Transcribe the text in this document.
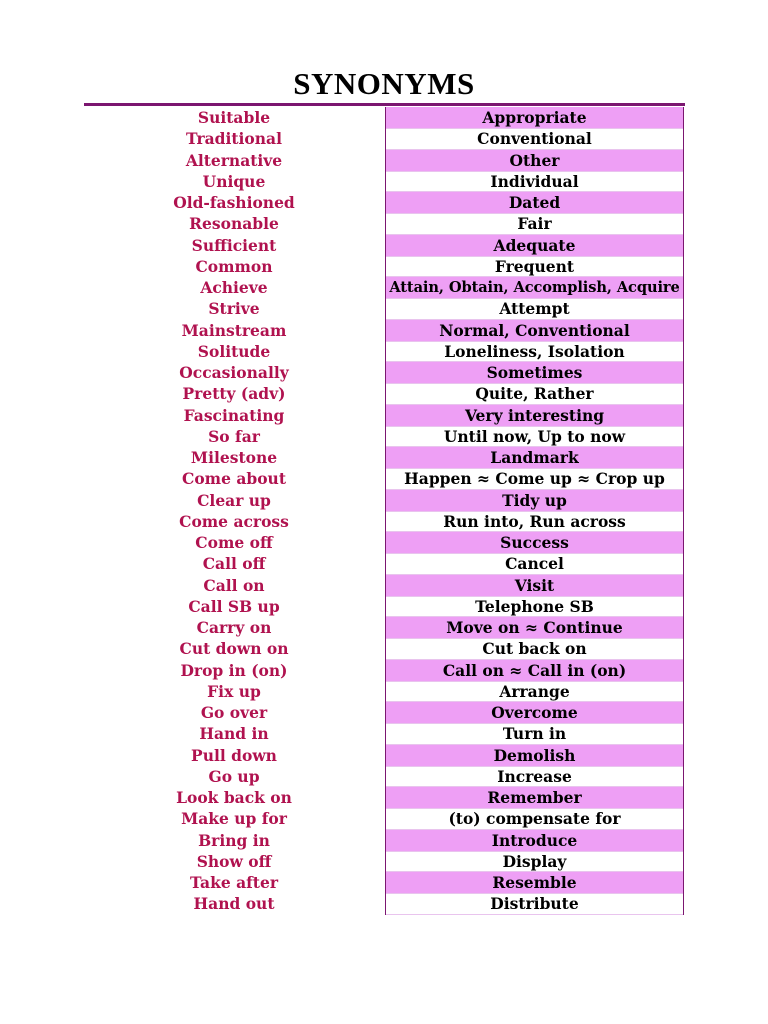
SYNONYMS
Suitable	Appropriate
Traditional	Conventional
Alternative	Other
Unique	Individual
Old-fashioned	Dated
Resonable	Fair
Sufficient	Adequate
Common	Frequent
Achieve	Attain, Obtain, Accomplish, Acquire
Strive	Attempt
Mainstream	Normal, Conventional
Solitude	Loneliness, Isolation
Occasionally	Sometimes
Pretty (adv)	Quite, Rather
Fascinating	Very interesting
So far	Until now, Up to now
Milestone	Landmark
Come about	Happen ≈ Come up ≈ Crop up
Clear up	Tidy up
Come across	Run into, Run across
Come off	Success
Call off	Cancel
Call on	Visit
Call SB up	Telephone SB
Carry on	Move on ≈ Continue
Cut down on	Cut back on
Drop in (on)	Call on ≈ Call in (on)
Fix up	Arrange
Go over	Overcome
Hand in	Turn in
Pull down	Demolish
Go up	Increase
Look back on	Remember
Make up for	(to) compensate for
Bring in	Introduce
Show off	Display
Take after	Resemble
Hand out	Distribute
